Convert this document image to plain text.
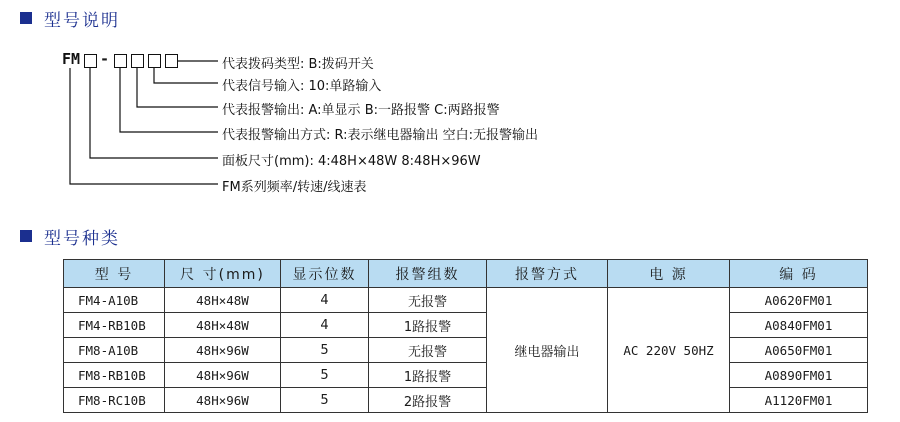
型号说明
FM -	代表拨码类型: B:拨码开关
代表信号输入: 10:单路输入
代表报警输出: A:单显示 B:一路报警 C:两路报警
代表报警输出方式: R:表示继电器输出 空白:无报警输出
面板尺寸(mm): 4:48H×48W 8:48H×96W
FM系列频率/转速/线速表
型号种类
型 号	尺 寸(mm)	显示位数	报警组数	报警方式	电 源	编 码
FM4-A10B	48H×48W	4	无报警	继电器输出	AC 220V 50HZ	A0620FM01
FM4-RB10B	48H×48W	4	1路报警			A0840FM01
FM8-A10B	48H×96W	5	无报警			A0650FM01
FM8-RB10B	48H×96W	5	1路报警			A0890FM01
FM8-RC10B	48H×96W	5	2路报警			A1120FM01
